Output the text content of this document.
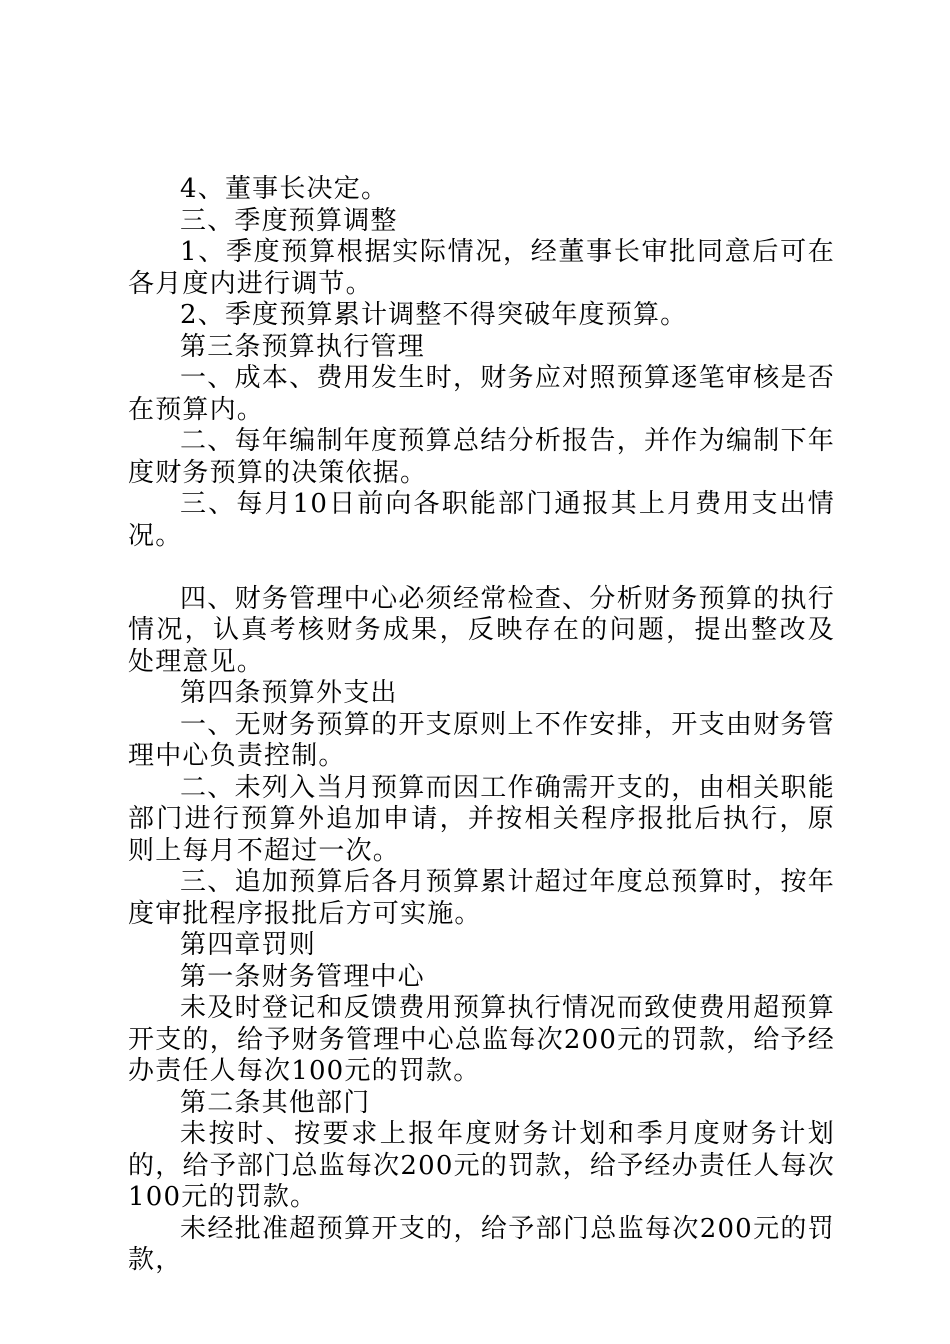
4、董事长决定。

三、季度预算调整

1、季度预算根据实际情况，经董事长审批同意后可在各月度内进行调节。

2、季度预算累计调整不得突破年度预算。

第三条预算执行管理

一、成本、费用发生时，财务应对照预算逐笔审核是否在预算内。

二、每年编制年度预算总结分析报告，并作为编制下年度财务预算的决策依据。

三、每月10日前向各职能部门通报其上月费用支出情况。

四、财务管理中心必须经常检查、分析财务预算的执行情况，认真考核财务成果，反映存在的问题，提出整改及处理意见。

第四条预算外支出

一、无财务预算的开支原则上不作安排，开支由财务管理中心负责控制。

二、未列入当月预算而因工作确需开支的，由相关职能部门进行预算外追加申请，并按相关程序报批后执行，原则上每月不超过一次。

三、追加预算后各月预算累计超过年度总预算时，按年度审批程序报批后方可实施。

第四章罚则

第一条财务管理中心

未及时登记和反馈费用预算执行情况而致使费用超预算开支的，给予财务管理中心总监每次200元的罚款，给予经办责任人每次100元的罚款。

第二条其他部门

未按时、按要求上报年度财务计划和季月度财务计划的，给予部门总监每次200元的罚款，给予经办责任人每次100元的罚款。

未经批准超预算开支的，给予部门总监每次200元的罚款，
